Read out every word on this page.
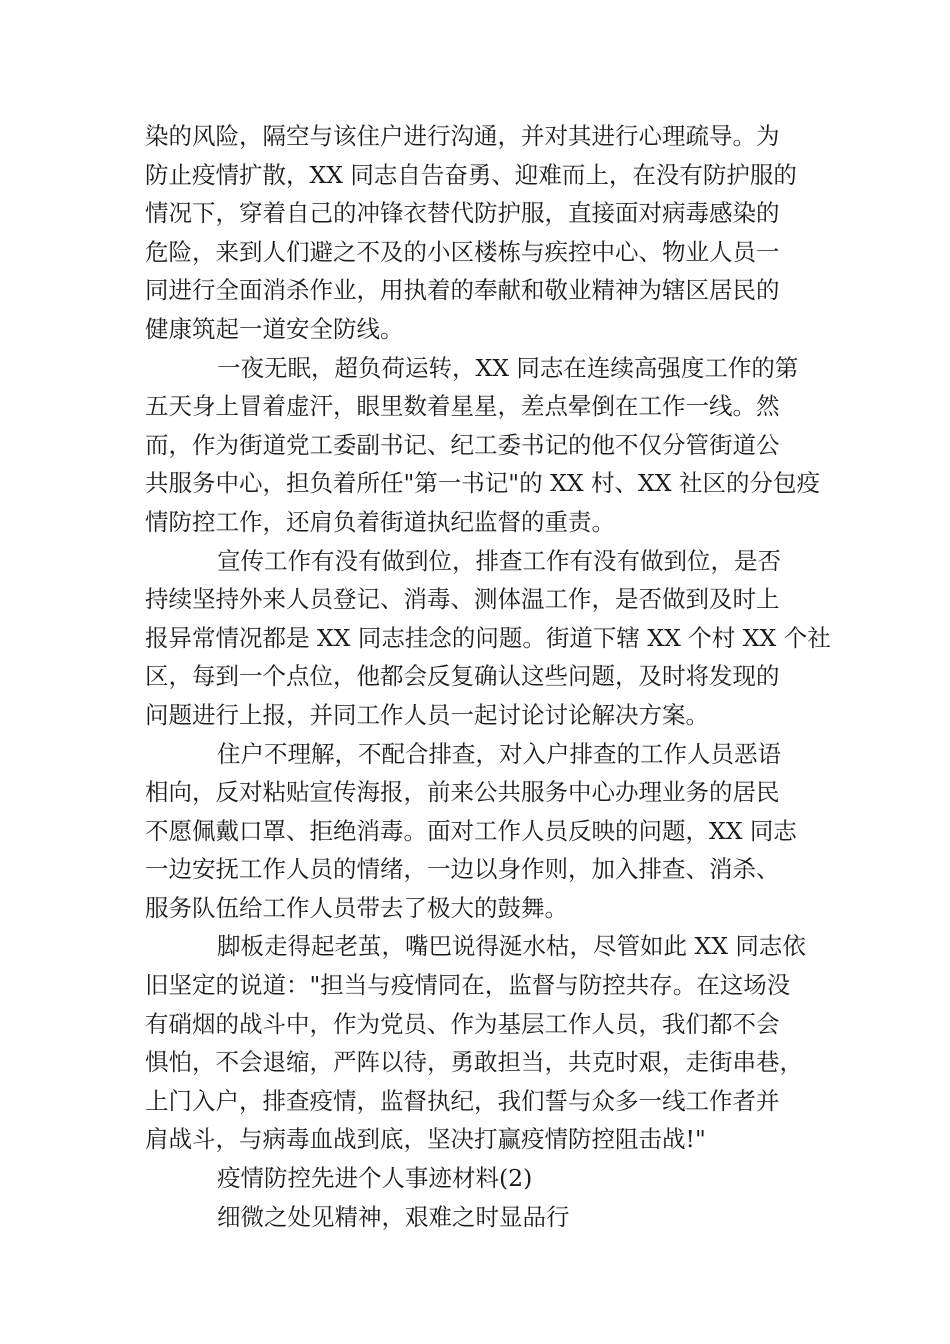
染的风险，隔空与该住户进行沟通，并对其进行心理疏导。为
防止疫情扩散，XX 同志自告奋勇、迎难而上，在没有防护服的
情况下，穿着自己的冲锋衣替代防护服，直接面对病毒感染的
危险，来到人们避之不及的小区楼栋与疾控中心、物业人员一
同进行全面消杀作业，用执着的奉献和敬业精神为辖区居民的
健康筑起一道安全防线。
一夜无眠，超负荷运转，XX 同志在连续高强度工作的第
五天身上冒着虚汗，眼里数着星星，差点晕倒在工作一线。然
而，作为街道党工委副书记、纪工委书记的他不仅分管街道公
共服务中心，担负着所任"第一书记"的 XX 村、XX 社区的分包疫
情防控工作，还肩负着街道执纪监督的重责。
宣传工作有没有做到位，排查工作有没有做到位，是否
持续坚持外来人员登记、消毒、测体温工作，是否做到及时上
报异常情况都是 XX 同志挂念的问题。街道下辖 XX 个村 XX 个社
区，每到一个点位，他都会反复确认这些问题，及时将发现的
问题进行上报，并同工作人员一起讨论讨论解决方案。
住户不理解，不配合排查，对入户排查的工作人员恶语
相向，反对粘贴宣传海报，前来公共服务中心办理业务的居民
不愿佩戴口罩、拒绝消毒。面对工作人员反映的问题，XX 同志
一边安抚工作人员的情绪，一边以身作则，加入排查、消杀、
服务队伍给工作人员带去了极大的鼓舞。
脚板走得起老茧，嘴巴说得涎水枯，尽管如此 XX 同志依
旧坚定的说道："担当与疫情同在，监督与防控共存。在这场没
有硝烟的战斗中，作为党员、作为基层工作人员，我们都不会
惧怕，不会退缩，严阵以待，勇敢担当，共克时艰，走街串巷，
上门入户，排查疫情，监督执纪，我们誓与众多一线工作者并
肩战斗，与病毒血战到底，坚决打赢疫情防控阻击战!"
疫情防控先进个人事迹材料(2)
细微之处见精神，艰难之时显品行
